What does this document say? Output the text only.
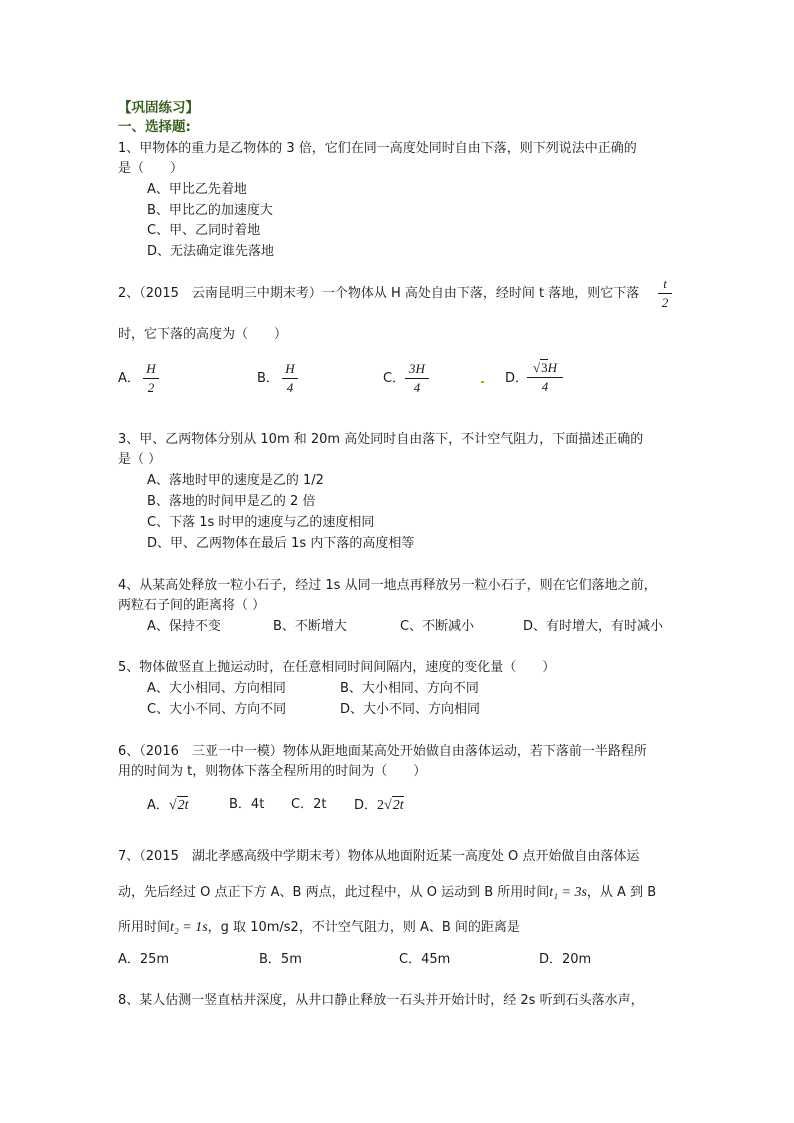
【巩固练习】
一、选择题:
1、甲物体的重力是乙物体的 3 倍，它们在同一高度处同时自由下落，则下列说法中正确的
是（　　）
A、甲比乙先着地
B、甲比乙的加速度大
C、甲、乙同时着地
D、无法确定谁先落地
2、（2015　云南昆明三中期末考）一个物体从 H 高处自由下落，经时间 t 落地，则它下落
t
2
时，它下落的高度为（　　）
A．
H
2
B．
H
4
C．
3H
4
D．
√3H
4
3、甲、乙两物体分别从 10m 和 20m 高处同时自由落下，不计空气阻力，下面描述正确的
是（ ）
A、落地时甲的速度是乙的 1/2
B、落地的时间甲是乙的 2 倍
C、下落 1s 时甲的速度与乙的速度相同
D、甲、乙两物体在最后 1s 内下落的高度相等
4、从某高处释放一粒小石子，经过 1s 从同一地点再释放另一粒小石子，则在它们落地之前，
两粒石子间的距离将（ ）
A、保持不变	B、不断增大	C、不断减小	D、有时增大，有时减小
5、物体做竖直上抛运动时，在任意相同时间间隔内，速度的变化量（　　）
A、大小相同、方向相同	B、大小相同、方向不同
C、大小不同、方向不同	D、大小不同、方向相同
6、（2016　三亚一中一模）物体从距地面某高处开始做自由落体运动，若下落前一半路程所
用的时间为 t，则物体下落全程所用的时间为（　　）
A．√2t	B．4t C．2t D．2√2t
7、（2015　湖北孝感高级中学期末考）物体从地面附近某一高度处 O 点开始做自由落体运
动，先后经过 O 点正下方 A、B 两点，此过程中，从 O 运动到 B 所用时间t₁ = 3s，从 A 到 B
所用时间t₂ = 1s，g 取 10m/s2，不计空气阻力，则 A、B 间的距离是
A．25m	B．5m	C．45m	D．20m
8、某人估测一竖直枯井深度，从井口静止释放一石头并开始计时，经 2s 听到石头落水声，
